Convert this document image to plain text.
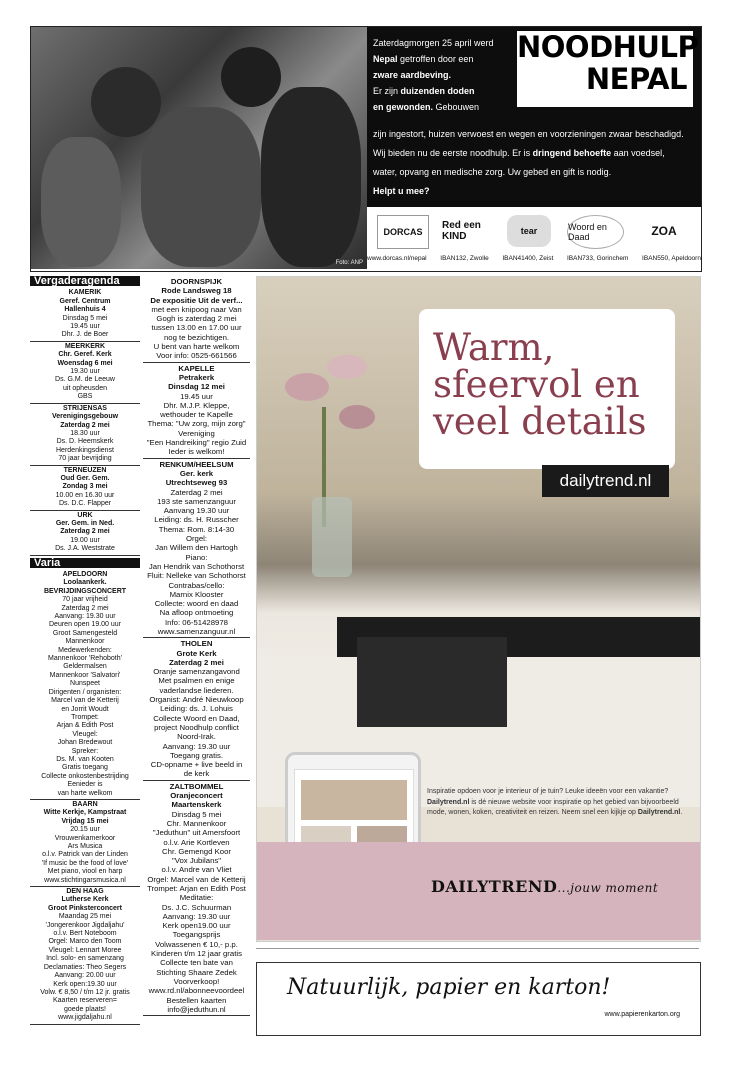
Foto: ANP
Zaterdagmorgen 25 april werd
Nepal getroffen door een
zware aardbeving.
Er zijn duizenden doden
en gewonden. Gebouwen
NOODHULP
NEPAL
zijn ingestort, huizen verwoest en wegen en voorzieningen zwaar beschadigd.
Wij bieden nu de eerste noodhulp. Er is dringend behoefte aan voedsel,
water, opvang en medische zorg. Uw gebed en gift is nodig.
Helpt u mee?
DORCAS
Red een KIND	tear	Woord en Daad	ZOA
www.dorcas.nl/nepal IBAN132, Zwolle IBAN41400, Zeist IBAN733, Gorinchem IBAN550, Apeldoorn
Vergaderagenda
KAMERIK
Geref. Centrum
Hallenhuis 4
Dinsdag 5 mei
19.45 uur
Dhr. J. de Boer
MEERKERK
Chr. Geref. Kerk
Woensdag 6 mei
19.30 uur
Ds. G.M. de Leeuw
uit opheusden
GBS
STRIJENSAS
Verenigingsgebouw
Zaterdag 2 mei
18.30 uur
Ds. D. Heemskerk
Herdenkingsdienst
70 jaar bevrijding
TERNEUZEN
Oud Ger. Gem.
Zondag 3 mei
10.00 en 16.30 uur
Ds. D.C. Flapper
URK
Ger. Gem. in Ned.
Zaterdag 2 mei
19.00 uur
Ds. J.A. Weststrate
Varia
APELDOORN
Loolaankerk.
BEVRIJDINGSCONCERT
70 jaar vrijheid
Zaterdag 2 mei
Aanvang: 19.30 uur
Deuren open 19.00 uur
Groot Samengesteld
Mannenkoor
Medewerkenden:
Mannenkoor 'Rehoboth'
Geldermalsen
Mannenkoor 'Salvatori'
Nunspeet
Dirigenten / organisten:
Marcel van de Ketterij
en Jorrit Woudt
Trompet:
Arjan & Edith Post
Vleugel:
Johan Bredewout
Spreker:
Ds. M. van Kooten
Gratis toegang
Collecte onkostenbestrijding
Eenieder is
van harte welkom
BAARN
Witte Kerkje, Kampstraat
Vrijdag 15 mei
20.15 uur
Vrouwenkamerkoor
Ars Musica
o.l.v. Patrick van der Linden
'If music be the food of love'
Met piano, viool en harp
www.stichtingarsmusica.nl
DEN HAAG
Lutherse Kerk
Groot Pinksterconcert
Maandag 25 mei
'Jongerenkoor Jigdaljahu'
o.l.v. Bert Noteboom
Orgel: Marco den Toom
Vleugel: Lennart Moree
Incl. solo- en samenzang
Declamaties: Theo Segers
Aanvang: 20.00 uur
Kerk open:19.30 uur
Volw. € 8,50 / t/m 12 jr. gratis
Kaarten reserveren=
goede plaats!
www.jigdaljahu.nl
DOORNSPIJK
Rode Landsweg 18
De expositie Uit de verf...
met een knipoog naar Van
Gogh is zaterdag 2 mei
tussen 13.00 en 17.00 uur
nog te bezichtigen.
U bent van harte welkom
Voor info: 0525-661566
KAPELLE
Petrakerk
Dinsdag 12 mei
19.45 uur
Dhr. M.J.P. Kleppe,
wethouder te Kapelle
Thema: "Uw zorg, mijn zorg"
Vereniging
"Een Handreiking" regio Zuid
Ieder is welkom!
RENKUM/HEELSUM
Ger. kerk
Utrechtseweg 93
Zaterdag 2 mei
193 ste samenzanguur
Aanvang 19.30 uur
Leiding: ds. H. Russcher
Thema: Rom. 8:14-30
Orgel:
Jan Willem den Hartogh
Piano:
Jan Hendrik van Schothorst
Fluit: Nelleke van Schothorst
Contrabas/cello:
Marnix Klooster
Collecte: woord en daad
Na afloop ontmoeting
Info: 06-51428978
www.samenzanguur.nl
THOLEN
Grote Kerk
Zaterdag 2 mei
Oranje samenzangavond
Met psalmen en enige
vaderlandse liederen.
Organist: André Nieuwkoop
Leiding: ds. J. Lohuis
Collecte Woord en Daad,
project Noodhulp conflict
Noord-Irak.
Aanvang: 19.30 uur
Toegang gratis.
CD-opname + live beeld in
de kerk
ZALTBOMMEL
Oranjeconcert
Maartenskerk
Dinsdag 5 mei
Chr. Mannenkoor
"Jeduthun" uit Amersfoort
o.l.v. Arie Kortleven
Chr. Gemengd Koor
"Vox Jubilans"
o.l.v. Andre van Vliet
Orgel: Marcel van de Ketterij
Trompet: Arjan en Edith Post
Meditatie:
Ds. J.C. Schuurman
Aanvang: 19.30 uur
Kerk open19.00 uur
Toegangsprijs
Volwassenen € 10,- p.p.
Kinderen t/m 12 jaar gratis
Collecte ten bate van
Stichting Shaare Zedek
Voorverkoop!
www.rd.nl/abonneevoordeel
Bestellen kaarten
info@jeduthun.nl
Warm, sfeervol en veel details
dailytrend.nl
Inspiratie opdoen voor je interieur of je tuin? Leuke ideeën voor een vakantie? Dailytrend.nl is dé nieuwe website voor inspiratie op het gebied van bijvoorbeeld mode, wonen, koken, creativiteit en reizen. Neem snel een kijkje op Dailytrend.nl.
DAILYTREND...jouw moment
Natuurlijk, papier en karton!
www.papierenkarton.org
